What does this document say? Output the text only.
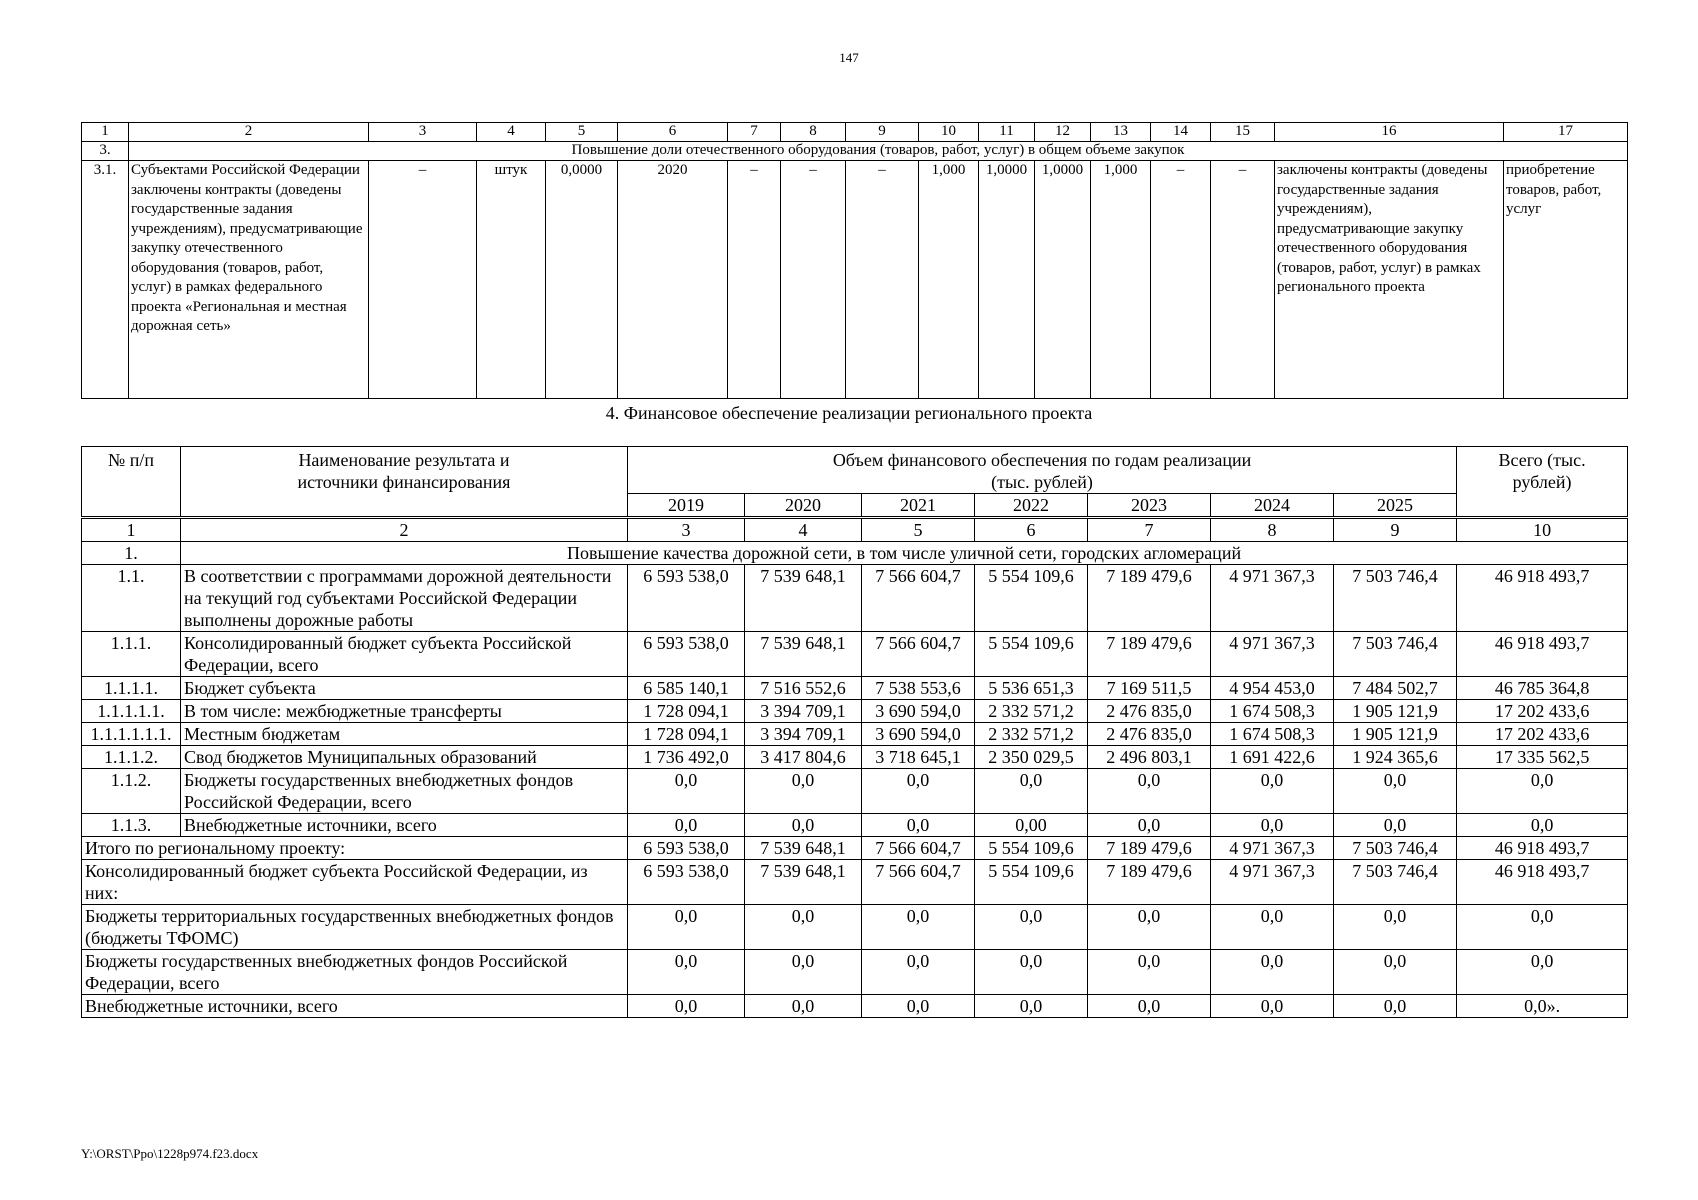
147
1	2	3	4	5	6	7	8	9	10	11	12	13	14	15	16	17
3.	Повышение доли отечественного оборудования (товаров, работ, услуг) в общем объеме закупок															
3.1.	Субъектами Российской Федерации заключены контракты (доведены государственные задания учреждениям), предусматривающие закупку отечественного оборудования (товаров, работ, услуг) в рамках федерального проекта «Региональная и местная дорожная сеть»	–	штук	0,0000	2020	–	–	–	1,000	1,0000	1,0000	1,000	–	–	заключены контракты (доведены государственные задания учреждениям), предусматривающие закупку отечественного оборудования (товаров, работ, услуг) в рамках регионального проекта	приобретение товаров, работ, услуг
4. Финансовое обеспечение реализации регионального проекта
№ п/п	Наименование результата и источники финансирования	Объем финансового обеспечения по годам реализации (тыс. рублей)							Всего (тыс. рублей)
		2019	2020	2021	2022	2023	2024	2025	
1	2	3	4	5	6	7	8	9	10
1.	Повышение качества дорожной сети, в том числе уличной сети, городских агломераций								
1.1.	В соответствии с программами дорожной деятельности на текущий год субъектами Российской Федерации выполнены дорожные работы	6 593 538,0	7 539 648,1	7 566 604,7	5 554 109,6	7 189 479,6	4 971 367,3	7 503 746,4	46 918 493,7
1.1.1.	Консолидированный бюджет субъекта Российской Федерации, всего	6 593 538,0	7 539 648,1	7 566 604,7	5 554 109,6	7 189 479,6	4 971 367,3	7 503 746,4	46 918 493,7
1.1.1.1.	Бюджет субъекта	6 585 140,1	7 516 552,6	7 538 553,6	5 536 651,3	7 169 511,5	4 954 453,0	7 484 502,7	46 785 364,8
1.1.1.1.1.	В том числе: межбюджетные трансферты	1 728 094,1	3 394 709,1	3 690 594,0	2 332 571,2	2 476 835,0	1 674 508,3	1 905 121,9	17 202 433,6
1.1.1.1.1.1.	Местным бюджетам	1 728 094,1	3 394 709,1	3 690 594,0	2 332 571,2	2 476 835,0	1 674 508,3	1 905 121,9	17 202 433,6
1.1.1.2.	Свод бюджетов Муниципальных образований	1 736 492,0	3 417 804,6	3 718 645,1	2 350 029,5	2 496 803,1	1 691 422,6	1 924 365,6	17 335 562,5
1.1.2.	Бюджеты государственных внебюджетных фондов Российской Федерации, всего	0,0	0,0	0,0	0,0	0,0	0,0	0,0	0,0
1.1.3.	Внебюджетные источники, всего	0,0	0,0	0,0	0,00	0,0	0,0	0,0	0,0
Итого по региональному проекту:		6 593 538,0	7 539 648,1	7 566 604,7	5 554 109,6	7 189 479,6	4 971 367,3	7 503 746,4	46 918 493,7
Консолидированный бюджет субъекта Российской Федерации, из них:		6 593 538,0	7 539 648,1	7 566 604,7	5 554 109,6	7 189 479,6	4 971 367,3	7 503 746,4	46 918 493,7
Бюджеты территориальных государственных внебюджетных фондов (бюджеты ТФОМС)		0,0	0,0	0,0	0,0	0,0	0,0	0,0	0,0
Бюджеты государственных внебюджетных фондов Российской Федерации, всего		0,0	0,0	0,0	0,0	0,0	0,0	0,0	0,0
Внебюджетные источники, всего		0,0	0,0	0,0	0,0	0,0	0,0	0,0	0,0».
Y:\ORST\Ppo\1228p974.f23.docx
